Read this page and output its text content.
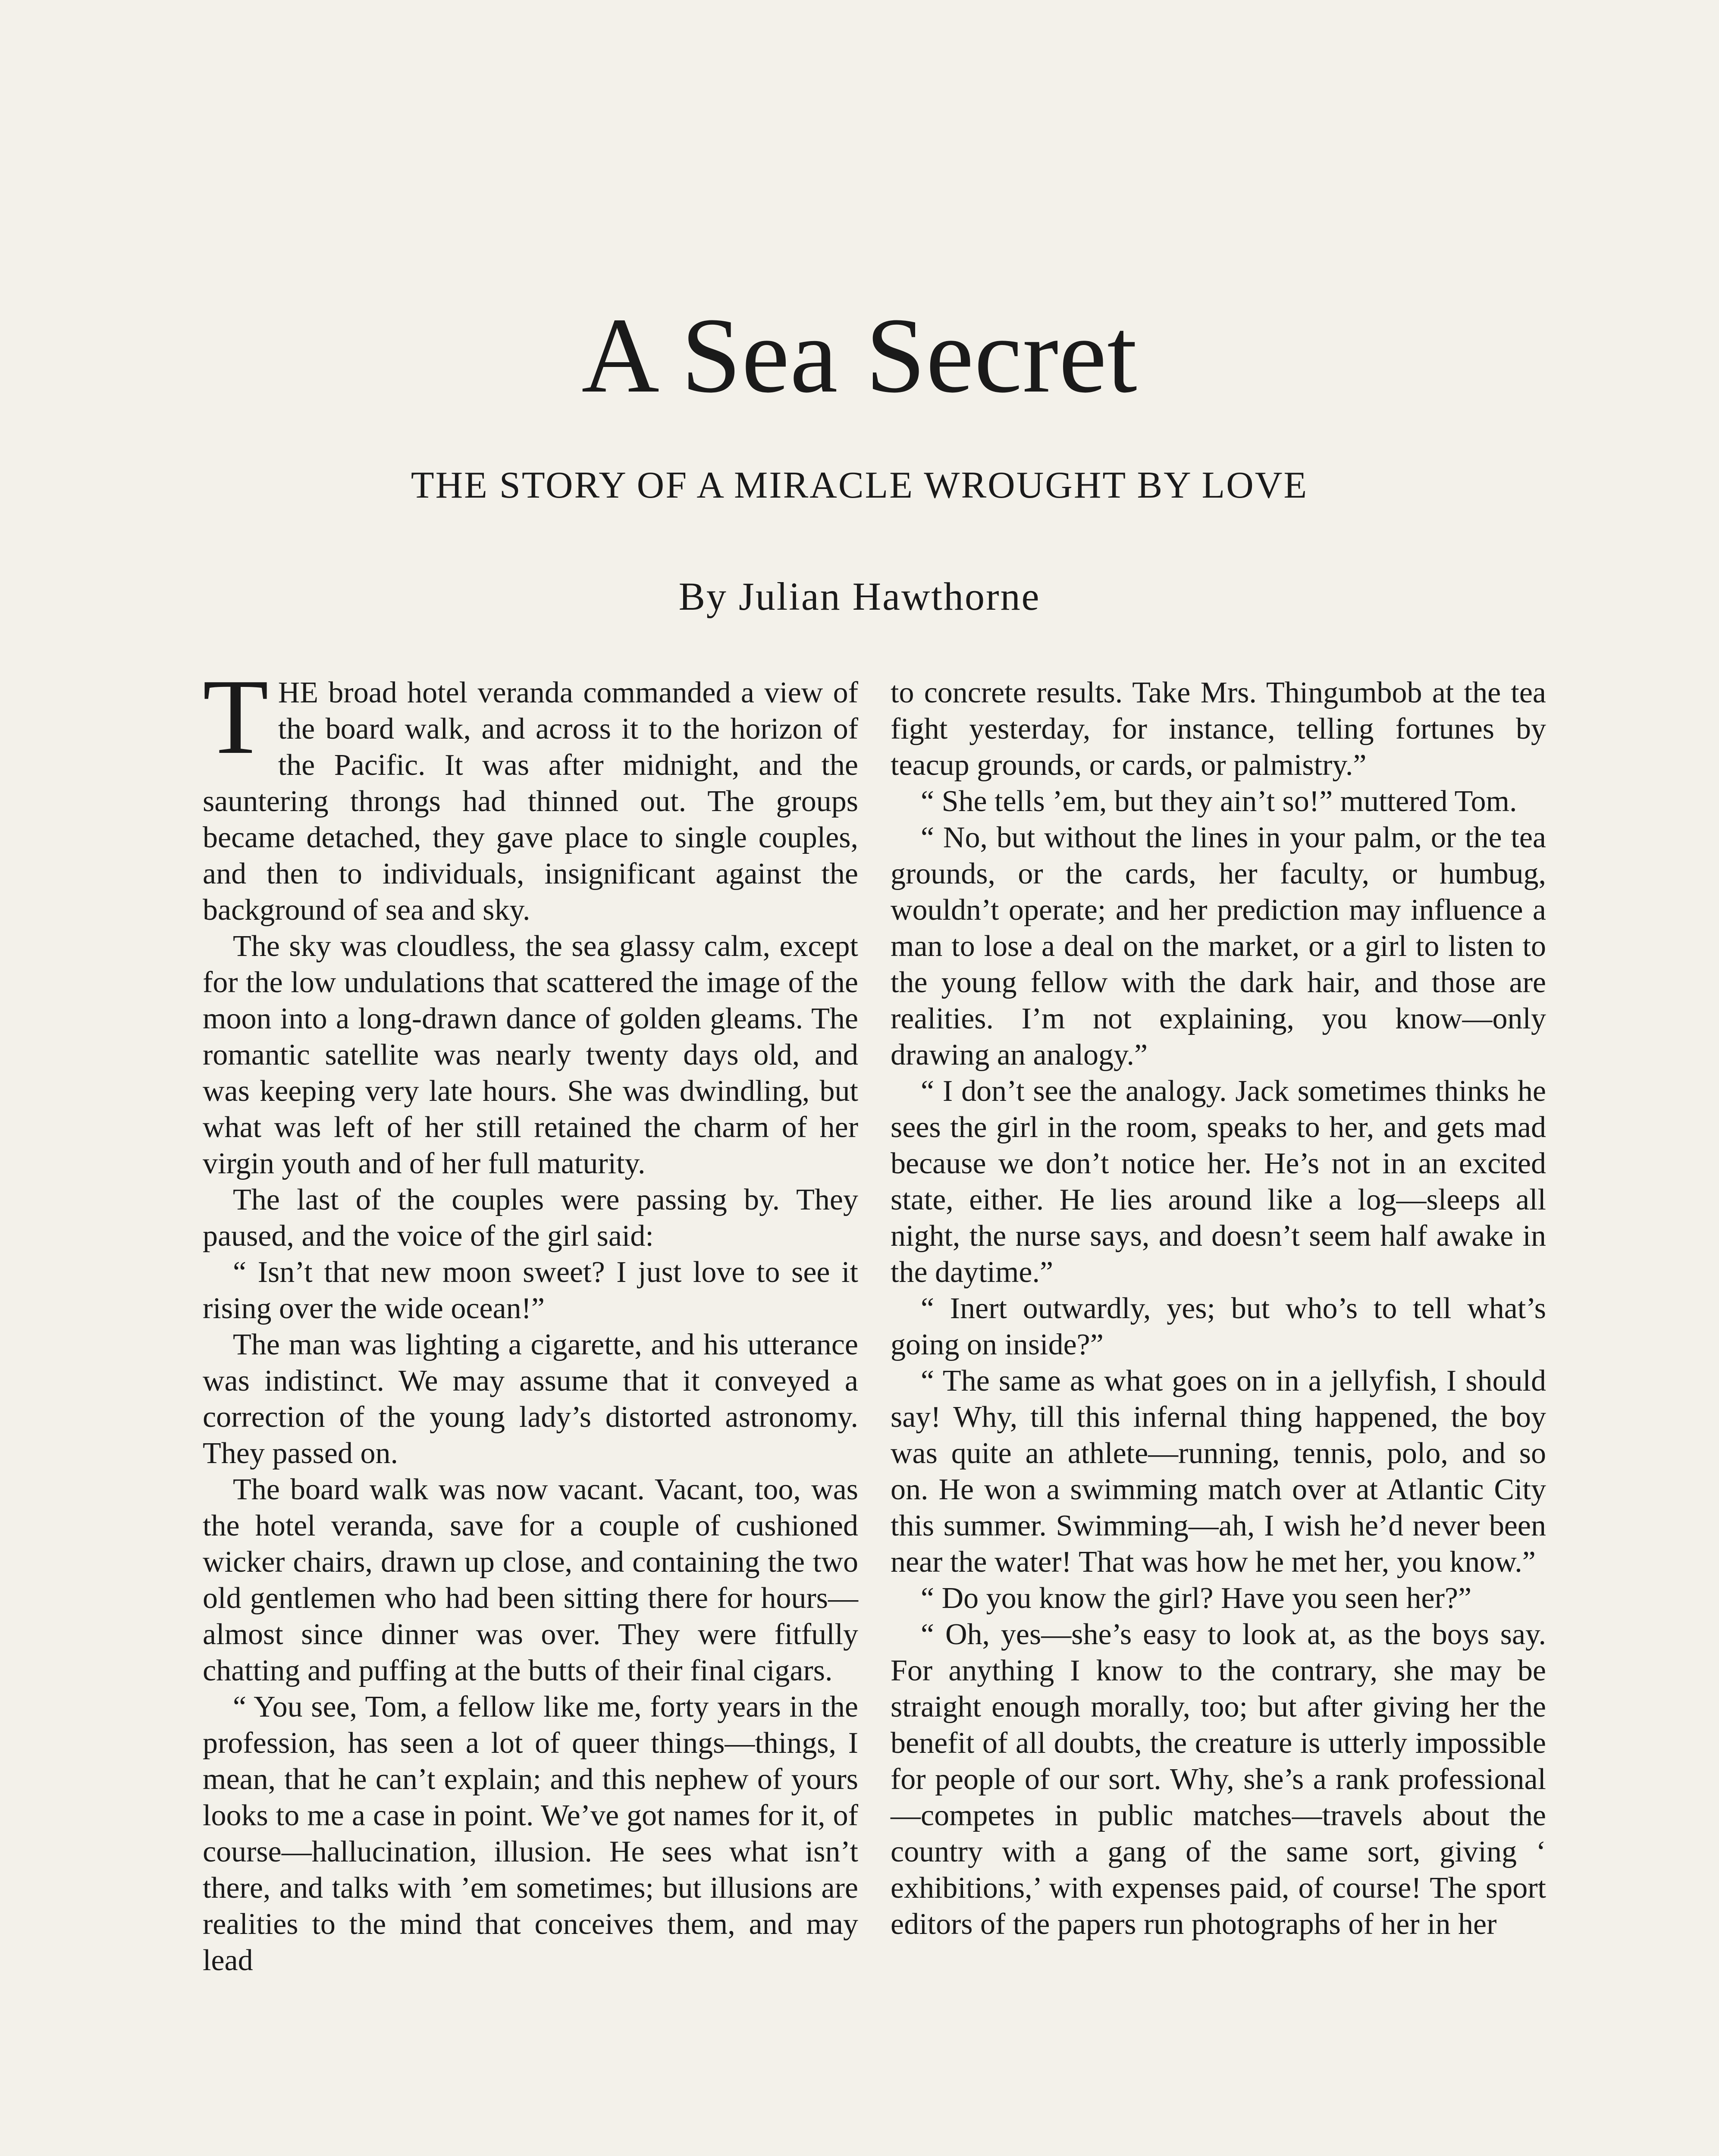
A Sea Secret
THE STORY OF A MIRACLE WROUGHT BY LOVE
By Julian Hawthorne

THE broad hotel veranda commanded a view of the board walk, and across it to the horizon of the Pacific. It was after midnight, and the sauntering throngs had thinned out. The groups became detached, they gave place to single couples, and then to individuals, insignificant against the background of sea and sky.

The sky was cloudless, the sea glassy calm, except for the low undulations that scattered the image of the moon into a long-drawn dance of golden gleams. The romantic satellite was nearly twenty days old, and was keeping very late hours. She was dwindling, but what was left of her still retained the charm of her virgin youth and of her full maturity.

The last of the couples were passing by. They paused, and the voice of the girl said:

“ Isn’t that new moon sweet? I just love to see it rising over the wide ocean!”

The man was lighting a cigarette, and his utterance was indistinct. We may assume that it conveyed a correction of the young lady’s distorted astronomy. They passed on.

The board walk was now vacant. Vacant, too, was the hotel veranda, save for a couple of cushioned wicker chairs, drawn up close, and containing the two old gentlemen who had been sitting there for hours—almost since dinner was over. They were fitfully chatting and puffing at the butts of their final cigars.

“ You see, Tom, a fellow like me, forty years in the profession, has seen a lot of queer things—things, I mean, that he can’t explain; and this nephew of yours looks to me a case in point. We’ve got names for it, of course—hallucination, illusion. He sees what isn’t there, and talks with ’em sometimes; but illusions are realities to the mind that conceives them, and may lead

to concrete results. Take Mrs. Thingumbob at the tea fight yesterday, for instance, telling fortunes by teacup grounds, or cards, or palmistry.”

“ She tells ’em, but they ain’t so!” muttered Tom.

“ No, but without the lines in your palm, or the tea grounds, or the cards, her faculty, or humbug, wouldn’t operate; and her prediction may influence a man to lose a deal on the market, or a girl to listen to the young fellow with the dark hair, and those are realities. I’m not explaining, you know—only drawing an analogy.”

“ I don’t see the analogy. Jack sometimes thinks he sees the girl in the room, speaks to her, and gets mad because we don’t notice her. He’s not in an excited state, either. He lies around like a log—sleeps all night, the nurse says, and doesn’t seem half awake in the daytime.”

“ Inert outwardly, yes; but who’s to tell what’s going on inside?”

“ The same as what goes on in a jellyfish, I should say! Why, till this infernal thing happened, the boy was quite an athlete—running, tennis, polo, and so on. He won a swimming match over at Atlantic City this summer. Swimming—ah, I wish he’d never been near the water! That was how he met her, you know.”

“ Do you know the girl? Have you seen her?”

“ Oh, yes—she’s easy to look at, as the boys say. For anything I know to the contrary, she may be straight enough morally, too; but after giving her the benefit of all doubts, the creature is utterly impossible for people of our sort. Why, she’s a rank professional—competes in public matches—travels about the country with a gang of the same sort, giving ‘ exhibitions,’ with expenses paid, of course! The sport editors of the papers run photographs of her in her
